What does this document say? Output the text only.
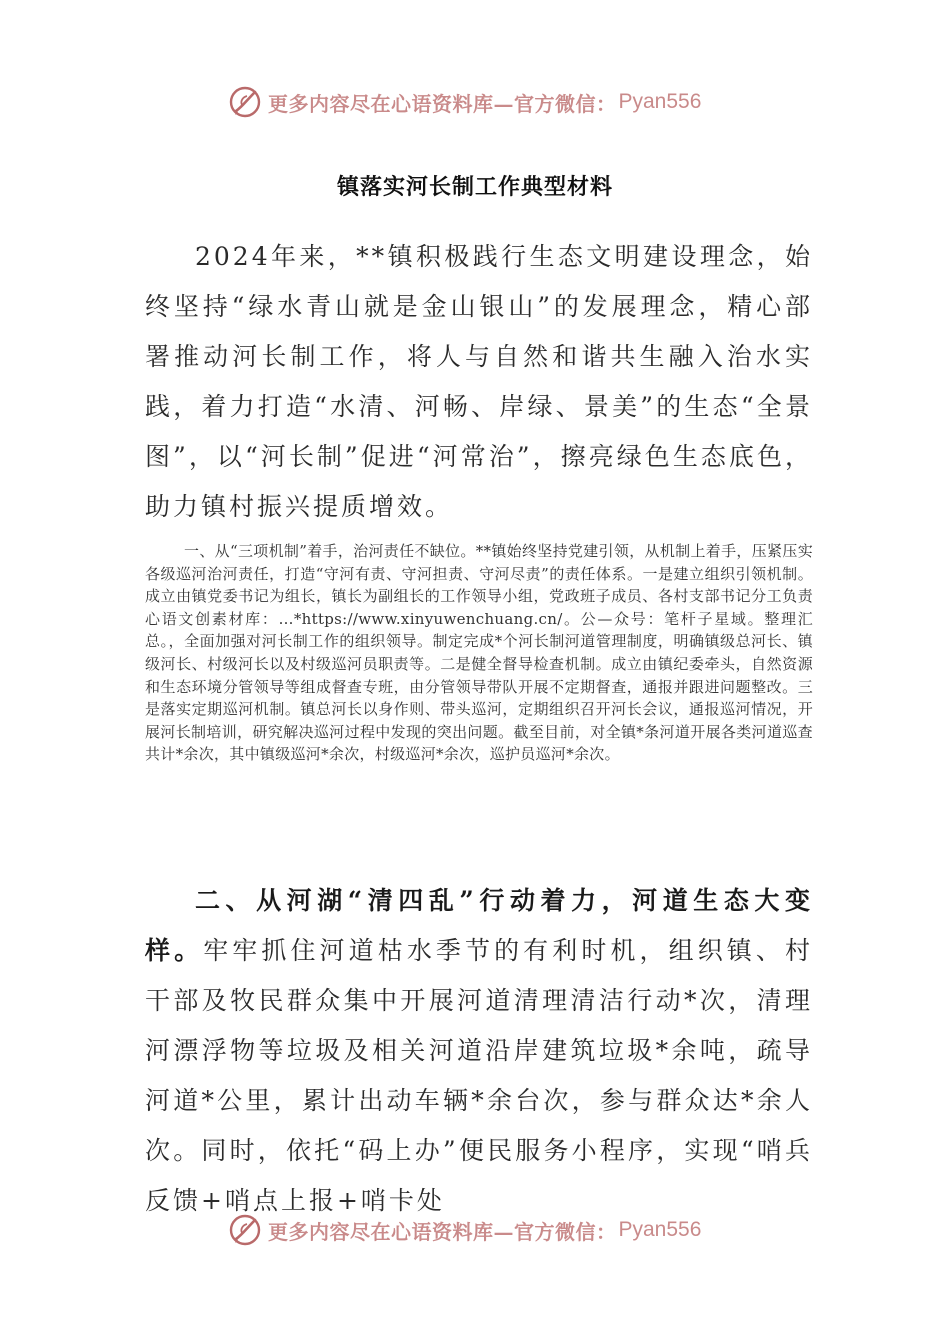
更多内容尽在心语资料库—官方微信： Pyan556
镇落实河长制工作典型材料

2024年来，**镇积极践行生态文明建设理念，始终坚持“绿水青山就是金山银山”的发展理念，精心部署推动河长制工作，将人与自然和谐共生融入治水实践，着力打造“水清、河畅、岸绿、景美”的生态“全景图”，以“河长制”促进“河常治”，擦亮绿色生态底色，助力镇村振兴提质增效。

一、从“三项机制”着手，治河责任不缺位。**镇始终坚持党建引领，从机制上着手，压紧压实各级巡河治河责任，打造“守河有责、守河担责、守河尽责”的责任体系。一是建立组织引领机制。成立由镇党委书记为组长，镇长为副组长的工作领导小组，党政班子成员、各村支部书记分工负责心语文创素材库：…*https://www.xinyuwenchuang.cn/。公—众号：笔杆子星域。整理汇总。，全面加强对河长制工作的组织领导。制定完成*个河长制河道管理制度，明确镇级总河长、镇级河长、村级河长以及村级巡河员职责等。二是健全督导检查机制。成立由镇纪委牵头，自然资源和生态环境分管领导等组成督查专班，由分管领导带队开展不定期督查，通报并跟进问题整改。三是落实定期巡河机制。镇总河长以身作则、带头巡河，定期组织召开河长会议，通报巡河情况，开展河长制培训，研究解决巡河过程中发现的突出问题。截至目前，对全镇*条河道开展各类河道巡查共计*余次，其中镇级巡河*余次，村级巡河*余次，巡护员巡河*余次。

二、从河湖“清四乱”行动着力，河道生态大变样。牢牢抓住河道枯水季节的有利时机，组织镇、村干部及牧民群众集中开展河道清理清洁行动*次，清理河漂浮物等垃圾及相关河道沿岸建筑垃圾*余吨，疏导河道*公里，累计出动车辆*余台次，参与群众达*余人次。同时，依托“码上办”便民服务小程序，实现“哨兵反馈+哨点上报+哨卡处

更多内容尽在心语资料库—官方微信： Pyan556
